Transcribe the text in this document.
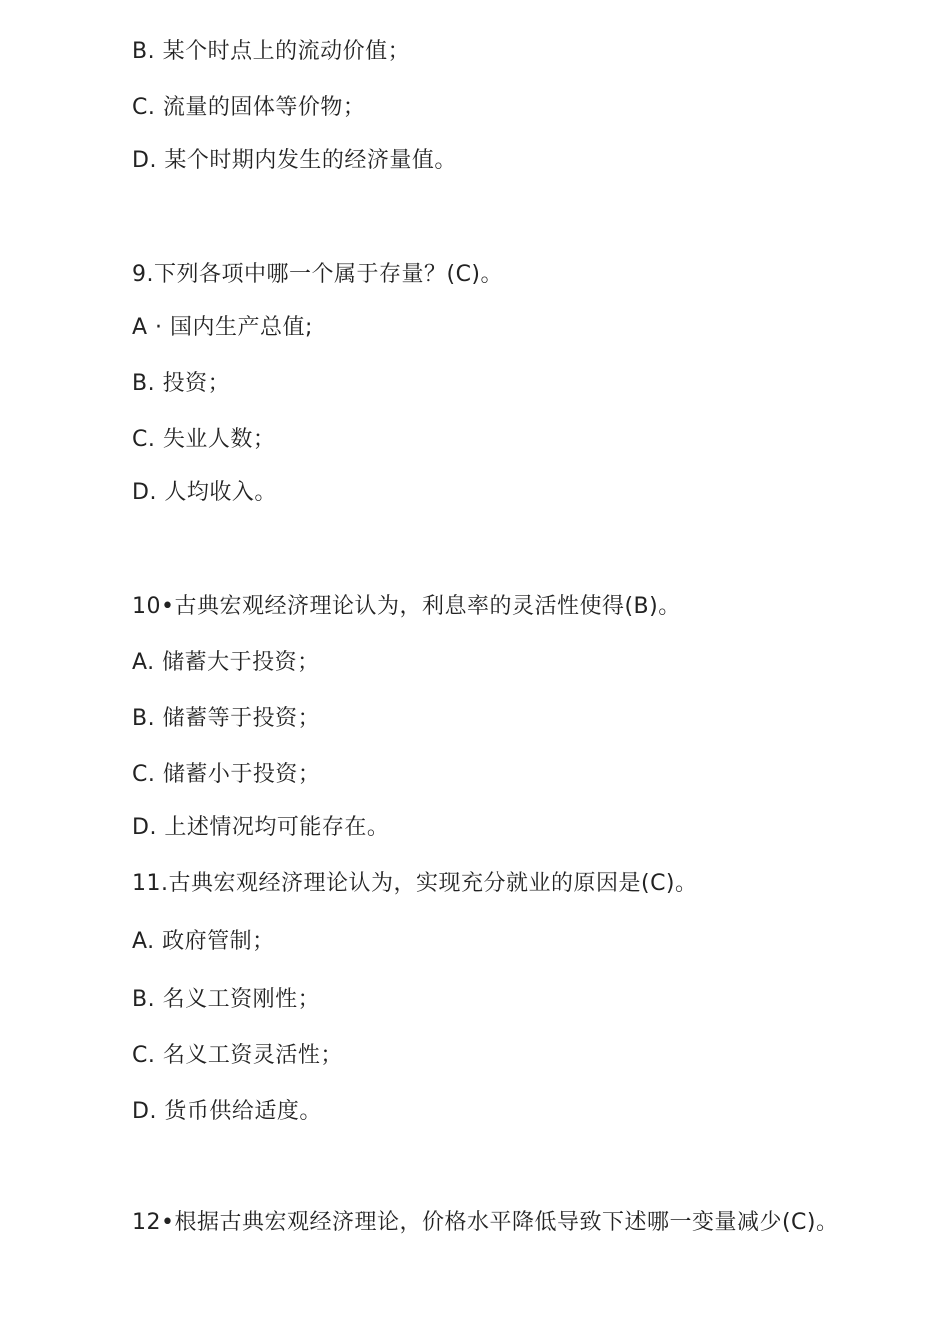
B. 某个时点上的流动价值；
C. 流量的固体等价物；
D. 某个时期内发生的经济量值。
9.下列各项中哪一个属于存量？(C)。
A · 国内生产总值;
B. 投资；
C. 失业人数；
D. 人均收入。
10•古典宏观经济理论认为，利息率的灵活性使得(B)。
A. 储蓄大于投资；
B. 储蓄等于投资；
C. 储蓄小于投资；
D. 上述情况均可能存在。
11.古典宏观经济理论认为，实现充分就业的原因是(C)。
A. 政府管制；
B. 名义工资刚性；
C. 名义工资灵活性；
D. 货币供给适度。
12•根据古典宏观经济理论，价格水平降低导致下述哪一变量减少(C)。
